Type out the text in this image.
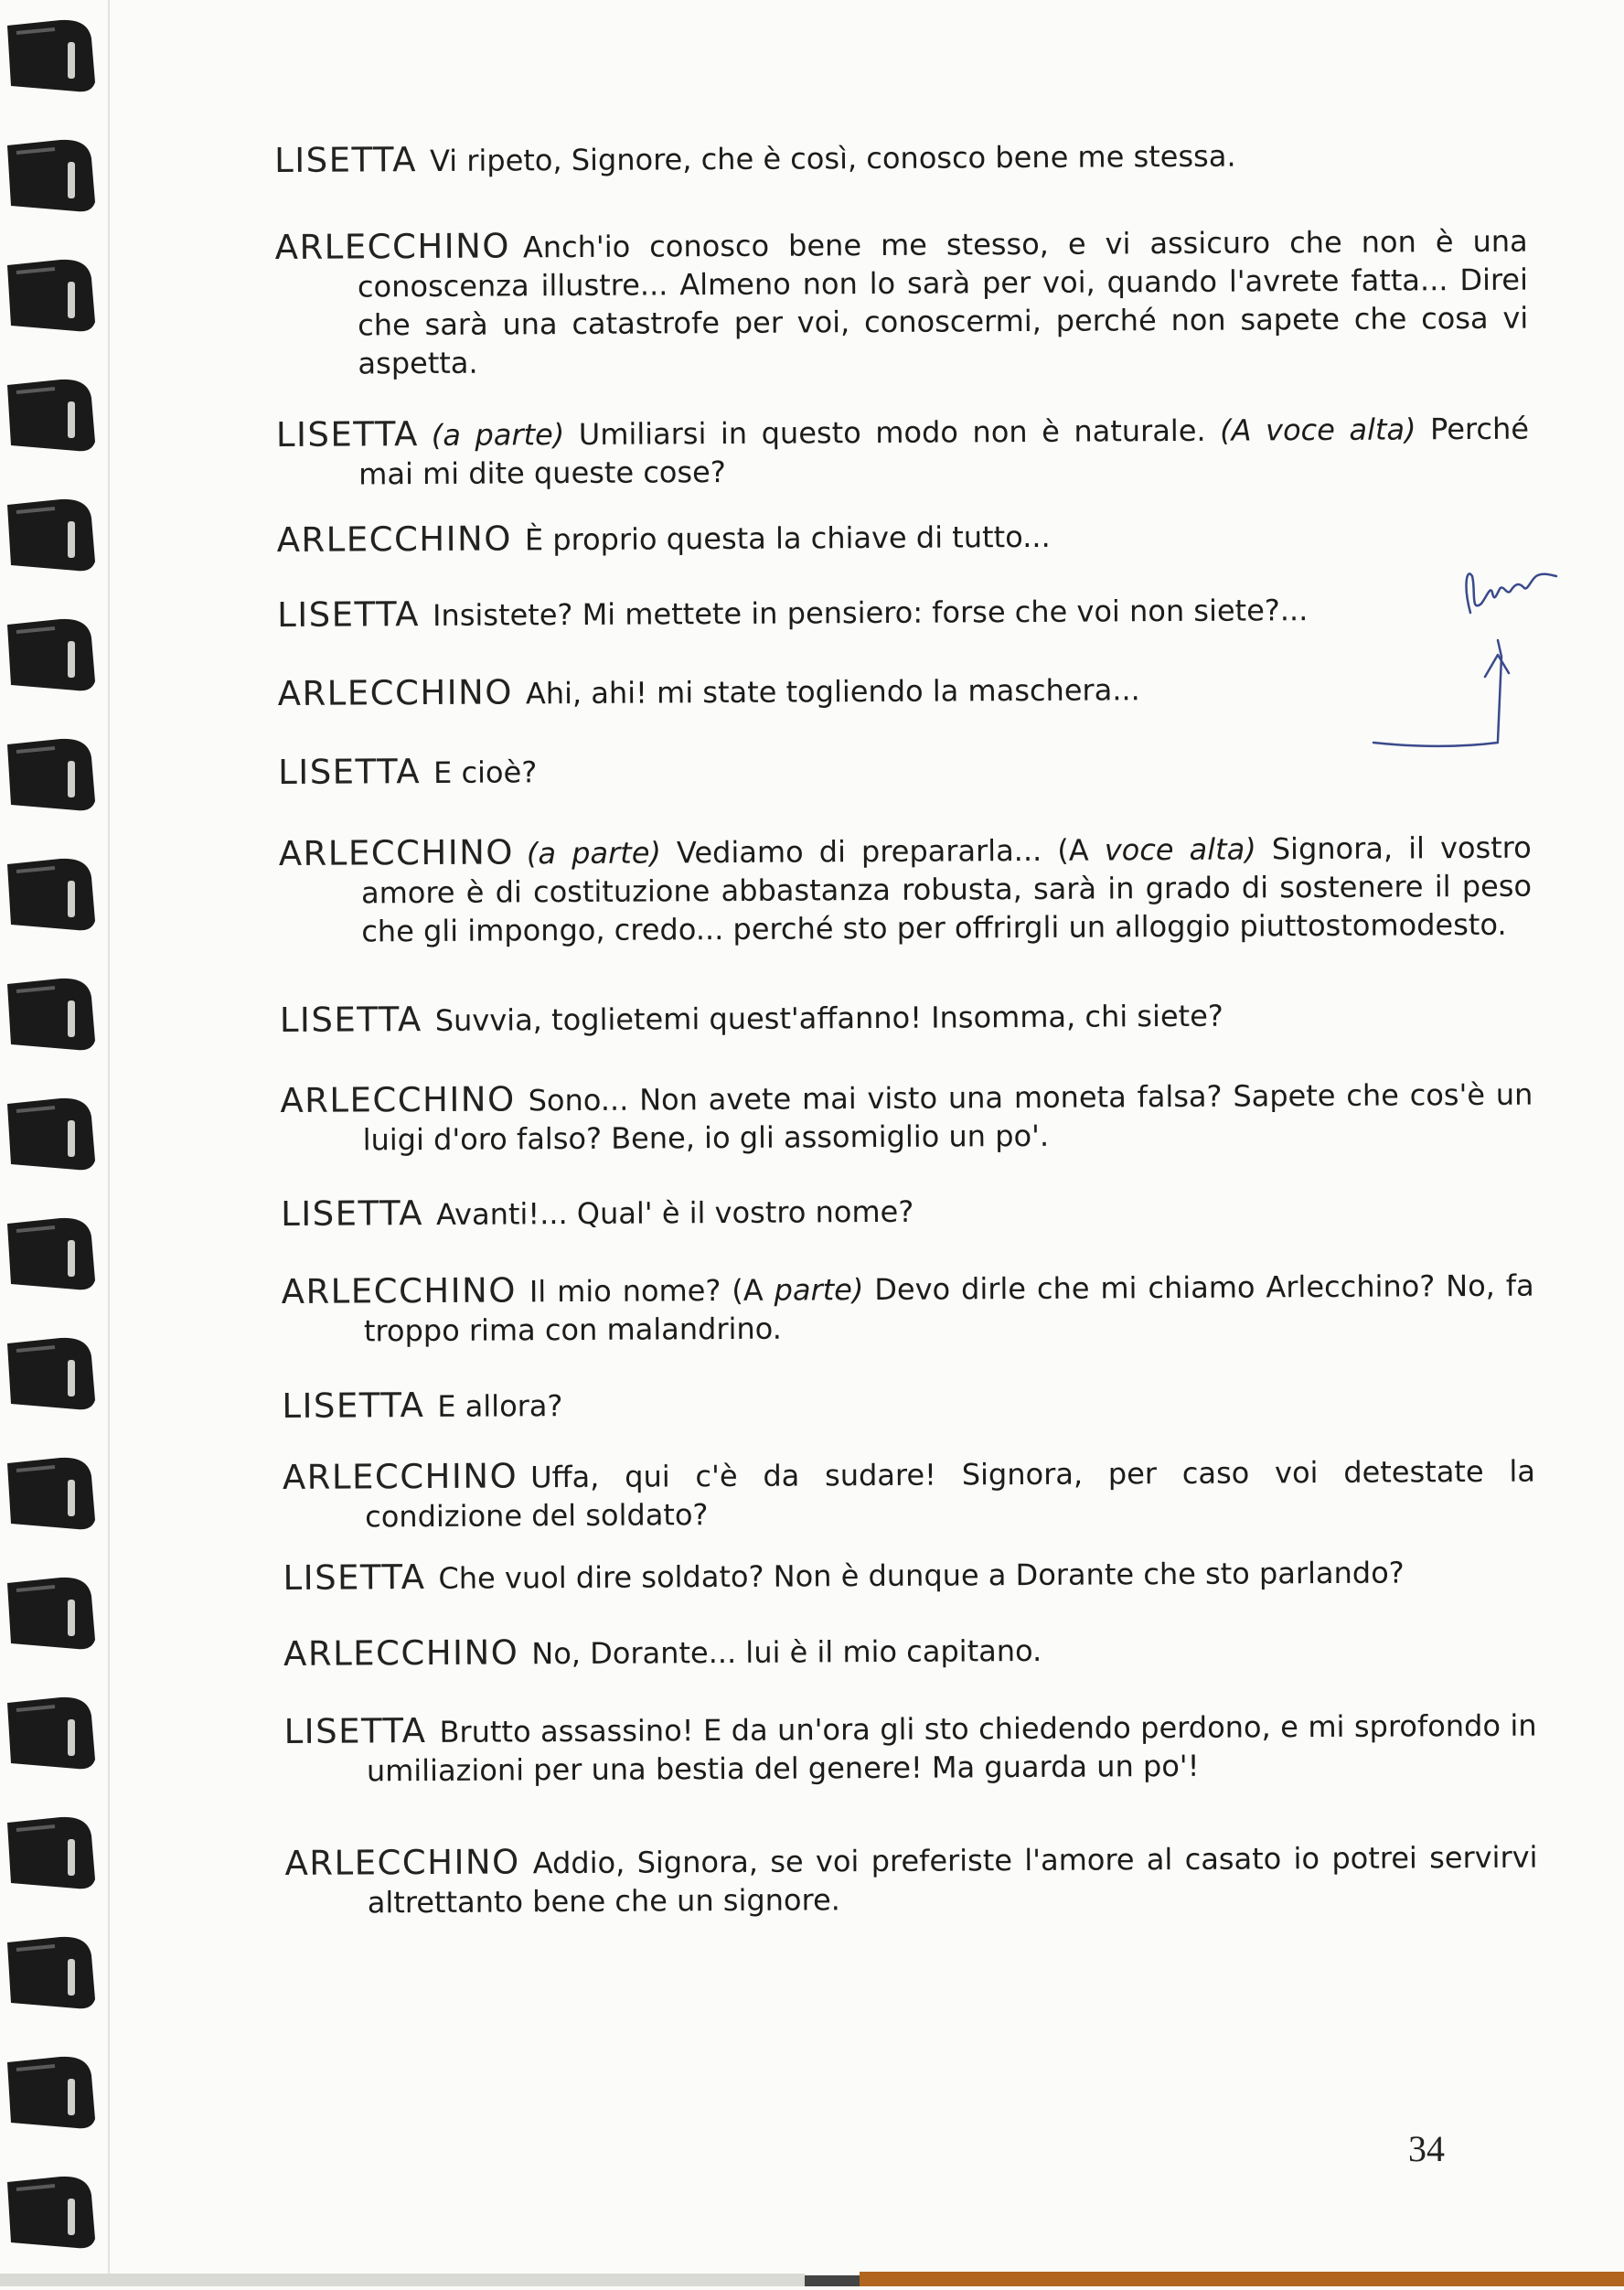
LISETTA Vi ripeto, Signore, che è così, conosco bene me stessa.
ARLECCHINO Anch'io conosco bene me stesso, e vi assicuro che non è una conoscenza illustre... Almeno non lo sarà per voi, quando l'avrete fatta... Direi che sarà una catastrofe per voi, conoscermi, perché non sapete che cosa vi aspetta.
LISETTA (a parte) Umiliarsi in questo modo non è naturale. (A voce alta) Perché mai mi dite queste cose?
ARLECCHINO È proprio questa la chiave di tutto...
LISETTA Insistete? Mi mettete in pensiero: forse che voi non siete?...
ARLECCHINO Ahi, ahi! mi state togliendo la maschera...
LISETTA E cioè?
ARLECCHINO (a parte) Vediamo di prepararla... (A voce alta) Signora, il vostro amore è di costituzione abbastanza robusta, sarà in grado di sostenere il peso che gli impongo, credo... perché sto per offrirgli un alloggio piuttostomodesto.
LISETTA Suvvia, toglietemi quest'affanno! Insomma, chi siete?
ARLECCHINO Sono... Non avete mai visto una moneta falsa? Sapete che cos'è un luigi d'oro falso? Bene, io gli assomiglio un po'.
LISETTA Avanti!... Qual' è il vostro nome?
ARLECCHINO Il mio nome? (A parte) Devo dirle che mi chiamo Arlecchino? No, fa troppo rima con malandrino.
LISETTA E allora?
ARLECCHINO Uffa, qui c'è da sudare! Signora, per caso voi detestate la condizione del soldato?
LISETTA Che vuol dire soldato? Non è dunque a Dorante che sto parlando?
ARLECCHINO No, Dorante... lui è il mio capitano.
LISETTA Brutto assassino! E da un'ora gli sto chiedendo perdono, e mi sprofondo in umiliazioni per una bestia del genere! Ma guarda un po'!
ARLECCHINO Addio, Signora, se voi preferiste l'amore al casato io potrei servirvi altrettanto bene che un signore.
34
